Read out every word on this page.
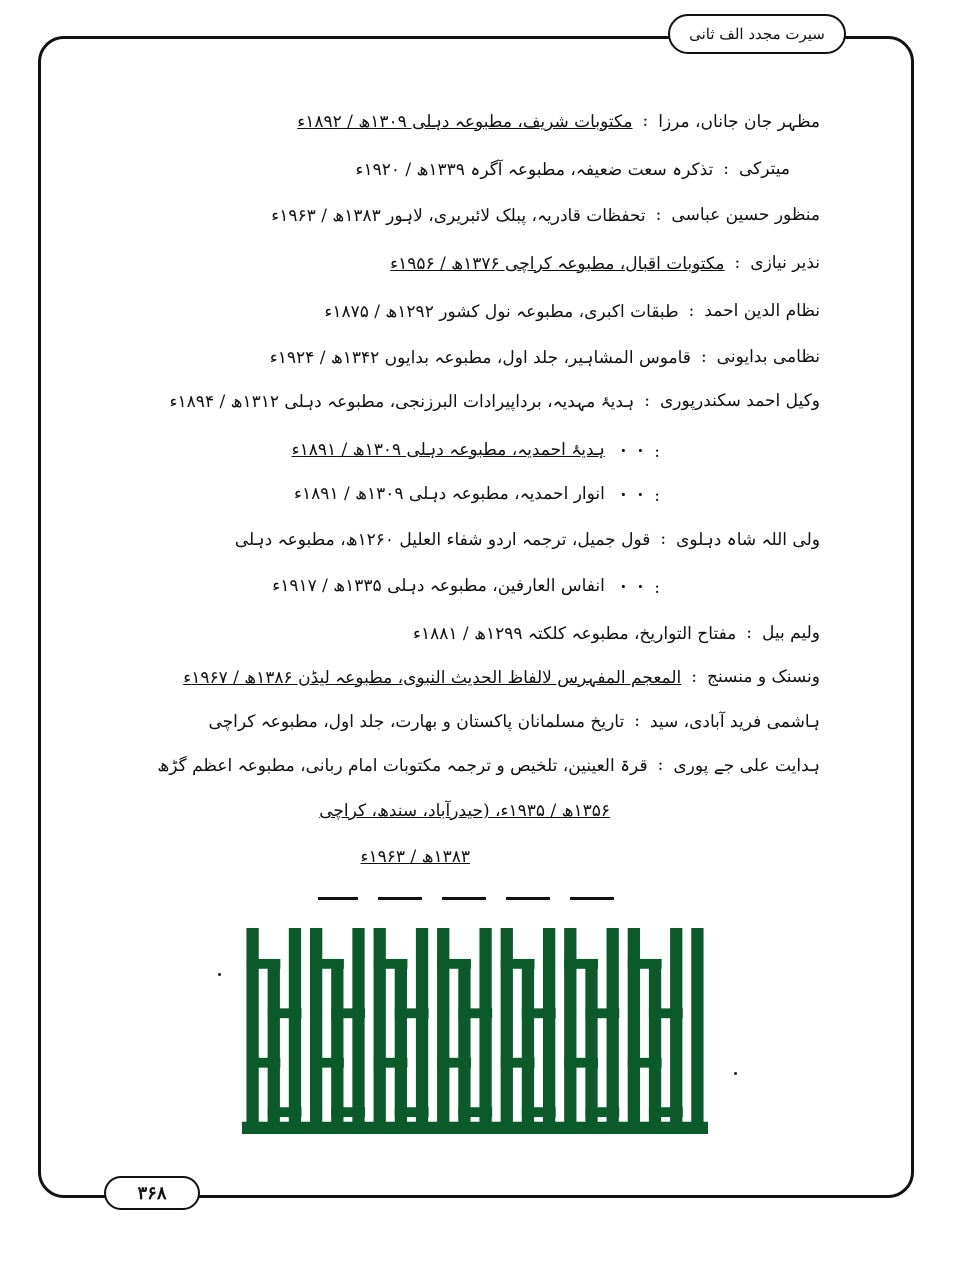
سیرت مجدد الف ثانی
مظہر جان جاناں، مرزا
:
مکتوبات شریف، مطبوعہ دہلی ۱۳۰۹ھ / ۱۸۹۲ء
میترکی
:
تذکرہ سعت ضعیفہ، مطبوعہ آگرہ ۱۳۳۹ھ / ۱۹۲۰ء
منظور حسین عباسی
:
تحفظات قادریہ، پبلک لائبریری، لاہور ۱۳۸۳ھ / ۱۹۶۳ء
نذیر نیازی
:
مکتوبات اقبال، مطبوعہ کراچی ۱۳۷۶ھ / ۱۹۵۶ء
نظام الدین احمد
:
طبقات اکبری، مطبوعہ نول کشور ۱۲۹۲ھ / ۱۸۷۵ء
نظامی بدایونی
:
قاموس المشاہیر، جلد اول، مطبوعہ بدایوں ۱۳۴۲ھ / ۱۹۲۴ء
وکیل احمد سکندرپوری
:
ہدیۂ مہدیہ، برداپیرادات البرزنجی، مطبوعہ دہلی ۱۳۱۲ھ / ۱۸۹۴ء
: ・・
ہدیۂ احمدیہ، مطبوعہ دہلی ۱۳۰۹ھ / ۱۸۹۱ء
: ・・
انوار احمدیہ، مطبوعہ دہلی ۱۳۰۹ھ / ۱۸۹۱ء
ولی اللہ شاہ دہلوی
:
قول جمیل، ترجمہ اردو شفاء العلیل ۱۲۶۰ھ، مطبوعہ دہلی
: ・・
انفاس العارفین، مطبوعہ دہلی ۱۳۳۵ھ / ۱۹۱۷ء
ولیم بیل
:
مفتاح التواریخ، مطبوعہ کلکتہ ۱۲۹۹ھ / ۱۸۸۱ء
ونسنک و منسنج
:
المعجم المفہرس لالفاظ الحدیث النبوی، مطبوعہ لیڈن ۱۳۸۶ھ / ۱۹۶۷ء
ہاشمی فرید آبادی، سید
:
تاریخ مسلمانان پاکستان و بھارت، جلد اول، مطبوعہ کراچی
ہدایت علی جے پوری
:
قرۃ العینین، تلخیص و ترجمہ مکتوبات امام ربانی، مطبوعہ اعظم گڑھ
۱۳۵۶ھ / ۱۹۳۵ء، (حیدرآباد، سندھ، کراچی
۱۳۸۳ھ / ۱۹۶۳ء
۳۶۸
